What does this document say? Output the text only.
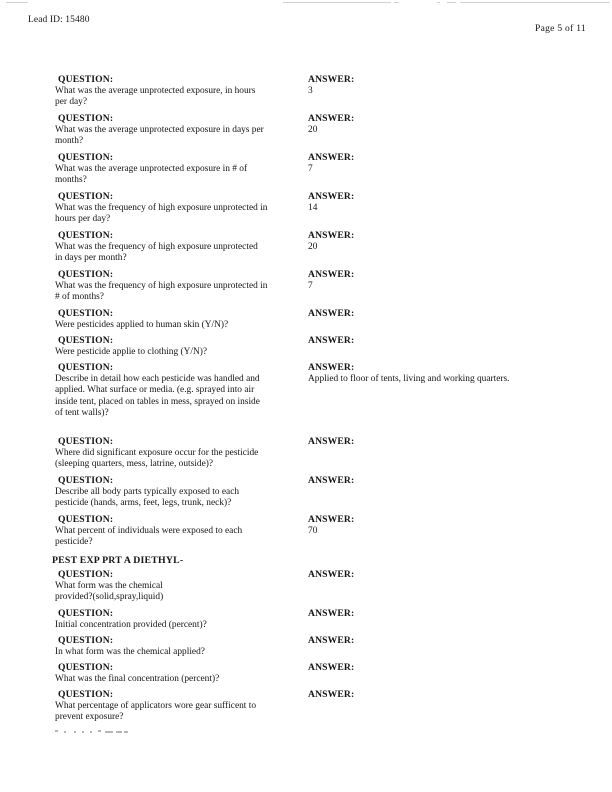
Lead ID: 15480
Page 5 of 11
QUESTION:
What was the average unprotected exposure, in hours
per day?
ANSWER:
3
QUESTION:
What was the average unprotected exposure in days per
month?
ANSWER:
20
QUESTION:
What was the average unprotected exposure in # of
months?
ANSWER:
7
QUESTION:
What was the frequency of high exposure unprotected in
hours per day?
ANSWER:
14
QUESTION:
What was the frequency of high exposure unprotected
in days per month?
ANSWER:
20
QUESTION:
What was the frequency of high exposure unprotected in
# of months?
ANSWER:
7
QUESTION:
Were pesticides applied to human skin (Y/N)?
ANSWER:
QUESTION:
Were pesticide applie to clothing (Y/N)?
ANSWER:
QUESTION:
Describe in detail how each pesticide was handled and
applied. What surface or media. (e.g. sprayed into air
inside tent, placed on tables in mess, sprayed on inside
of tent walls)?
ANSWER:
Applied to floor of tents, living and working quarters.
QUESTION:
Where did significant exposure occur for the pesticide
(sleeping quarters, mess, latrine, outside)?
ANSWER:
QUESTION:
Describe all body parts typically exposed to each
pesticide (hands, arms, feet, legs, trunk, neck)?
ANSWER:
QUESTION:
What percent of individuals were exposed to each
pesticide?
ANSWER:
70
PEST EXP PRT A DIETHYL-
QUESTION:
What form was the chemical
provided?(solid,spray,liquid)
ANSWER:
QUESTION:
Initial concentration provided (percent)?
ANSWER:
QUESTION:
In what form was the chemical applied?
ANSWER:
QUESTION:
What was the final concentration (percent)?
ANSWER:
QUESTION:
What percentage of applicators wore gear sufficent to
prevent exposure?
ANSWER:
